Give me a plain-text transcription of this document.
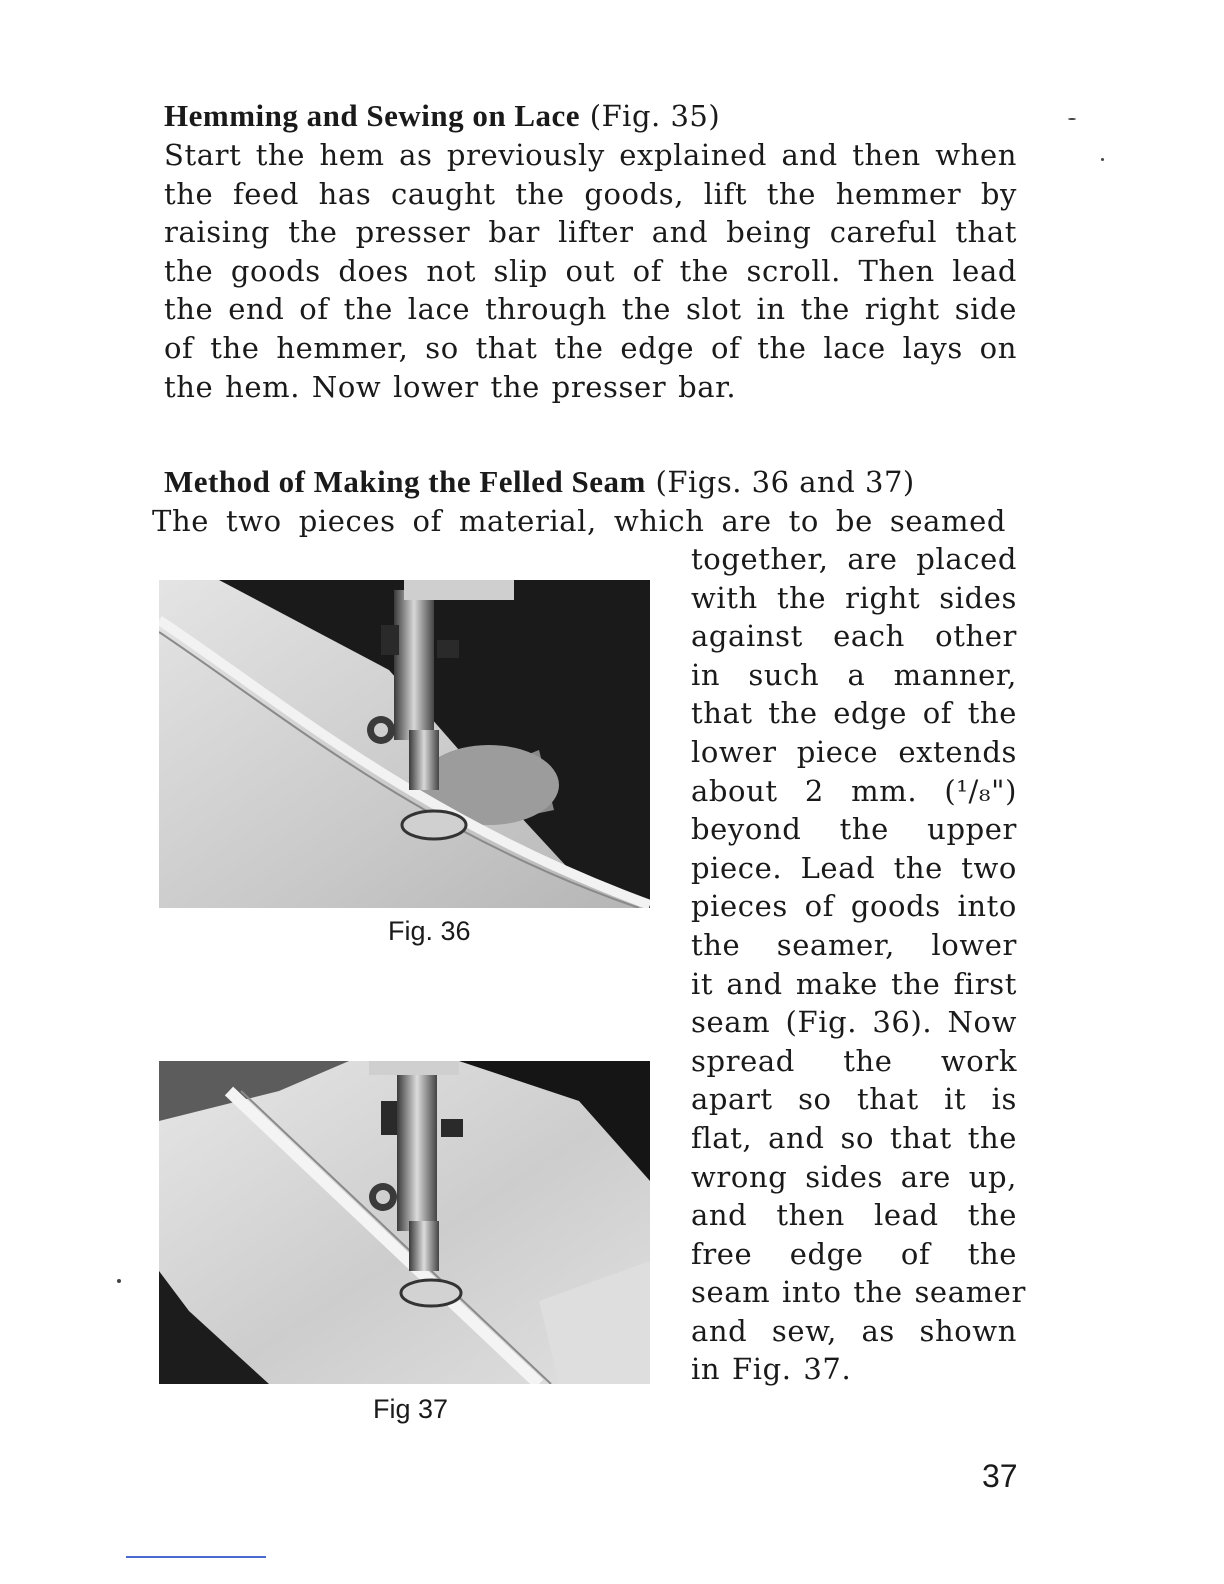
Hemming and Sewing on Lace (Fig. 35)
Start the hem as previously explained and then when
the feed has caught the goods, lift the hemmer by
raising the presser bar lifter and being careful that
the goods does not slip out of the scroll. Then lead
the end of the lace through the slot in the right side
of the hemmer, so that the edge of the lace lays on
the hem. Now lower the presser bar.
Method of Making the Felled Seam (Figs. 36 and 37)
The two pieces of material, which are to be seamed
together, are placed
with the right sides
against each other
in such a manner,
that the edge of the
lower piece extends
about 2 mm. (¹/₈")
beyond the upper
piece. Lead the two
pieces of goods into
the seamer, lower
it and make the first
seam (Fig. 36). Now
spread the work
apart so that it is
flat, and so that the
wrong sides are up,
and then lead the
free edge of the
seam into the seamer
and sew, as shown
in Fig. 37.
Fig. 36
Fig 37
37
